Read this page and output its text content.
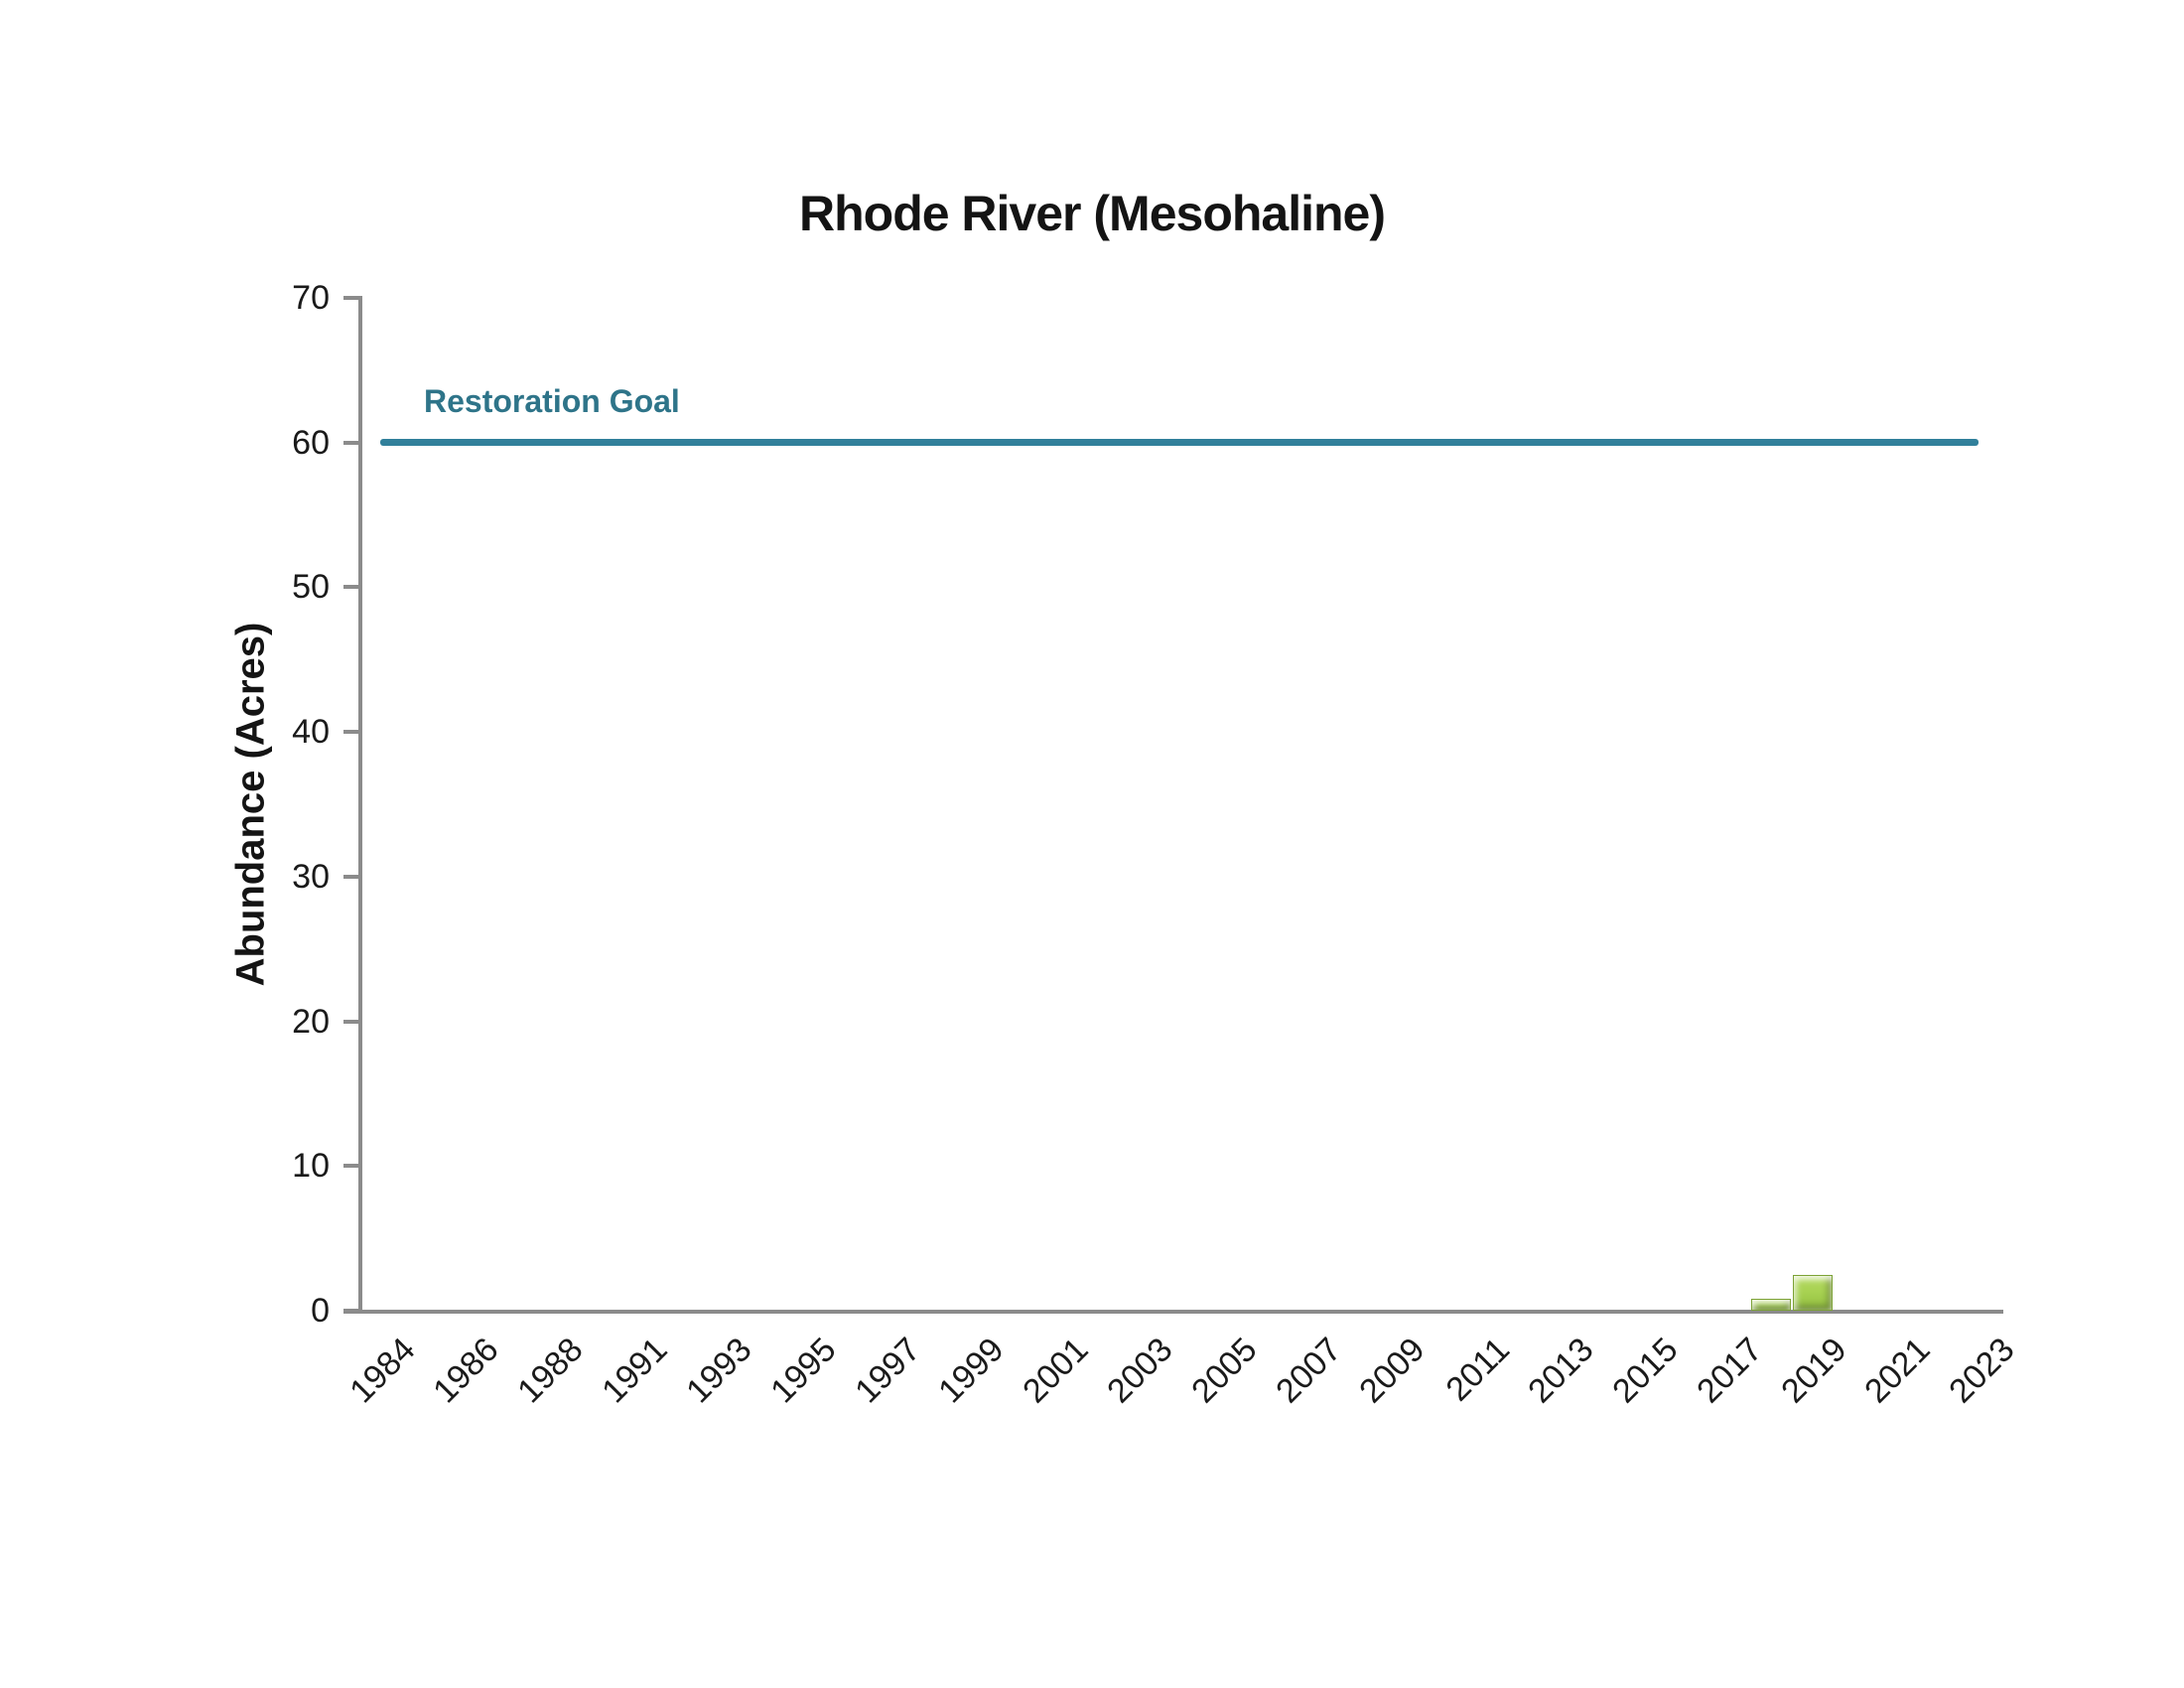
Rhode River (Mesohaline)
Abundance (Acres)
0
10
20
30
40
50
60
70
1984 1986 1988 1991 1993 1995 1997 1999 2001 2003 2005 2007 2009 2011 2013 2015 2017 2019 2021 2023
Restoration Goal
